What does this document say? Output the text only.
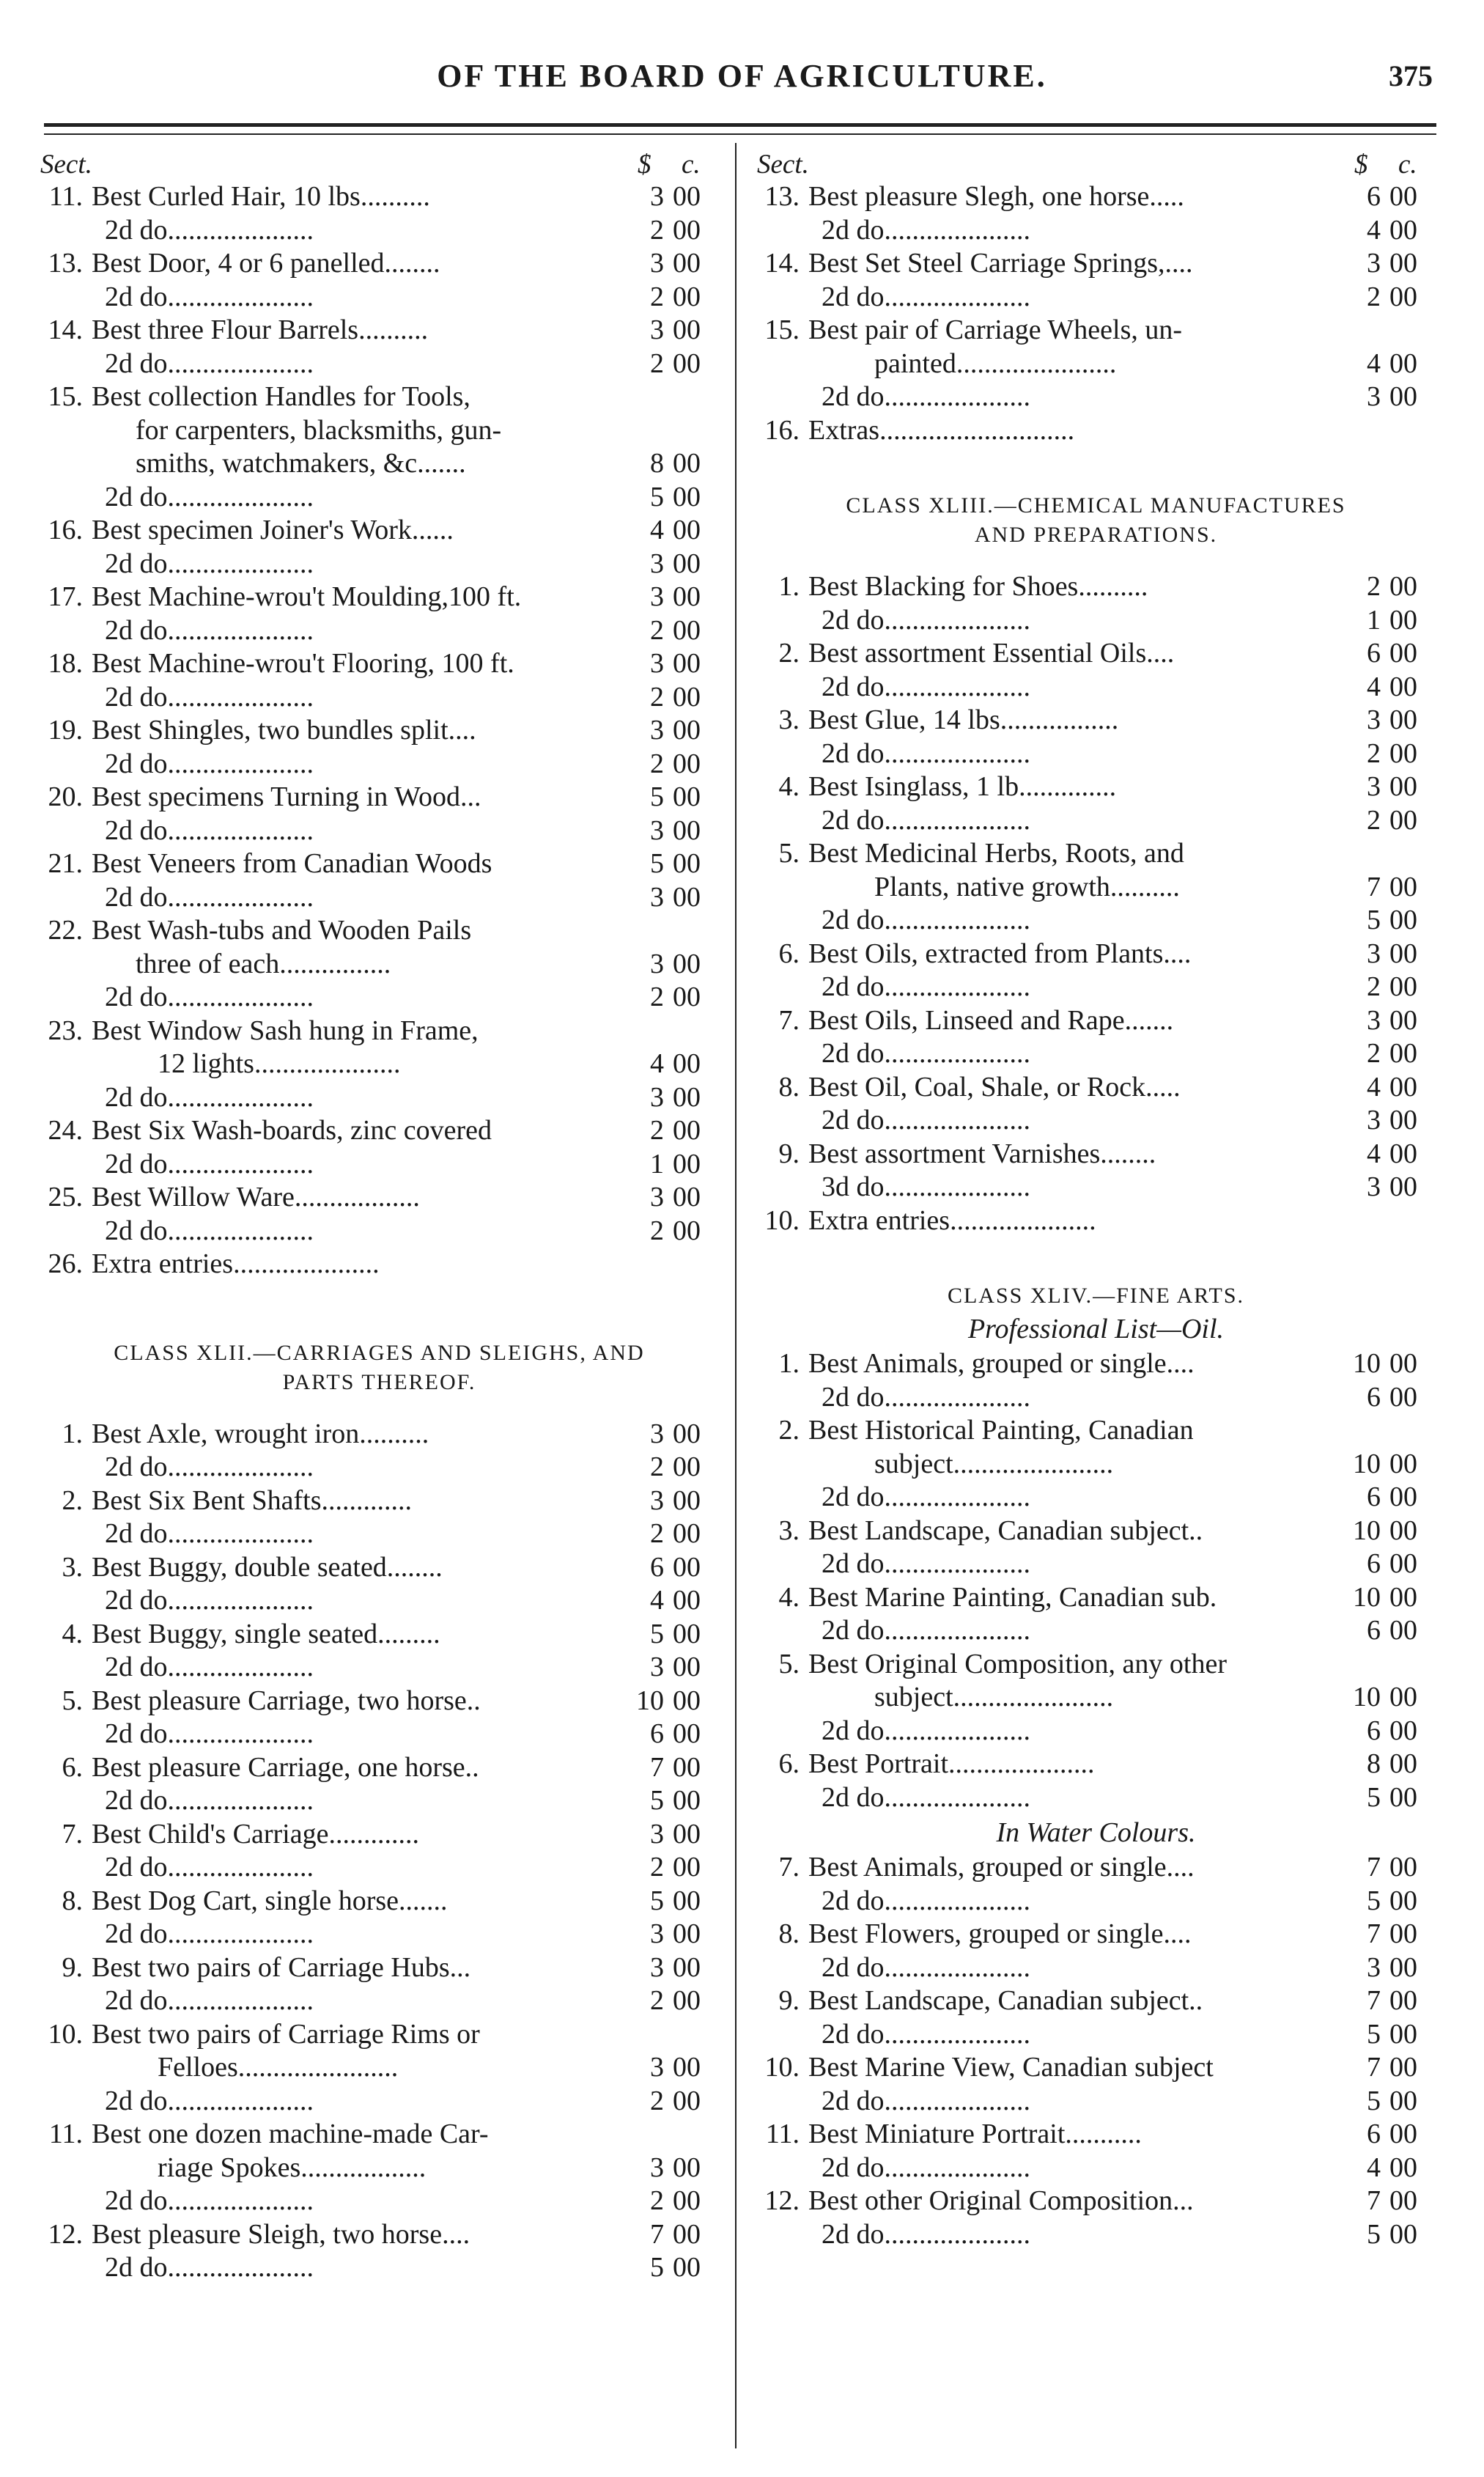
OF THE BOARD OF AGRICULTURE.	375
Sect.	$	c.
11. Best Curled Hair, 10 lbs..........	3 00
2d do.....................	2 00
13. Best Door, 4 or 6 panelled........	3 00
2d do.....................	2 00
14. Best three Flour Barrels..........	3 00
2d do.....................	2 00
15. Best collection Handles for Tools,
for carpenters, blacksmiths, gun-
smiths, watchmakers, &c.......	8 00
2d do.....................	5 00
16. Best specimen Joiner's Work......	4 00
2d do.....................	3 00
17. Best Machine-wrou't Moulding,100 ft.	3 00
2d do.....................	2 00
18. Best Machine-wrou't Flooring, 100 ft.	3 00
2d do.....................	2 00
19. Best Shingles, two bundles split....	3 00
2d do.....................	2 00
20. Best specimens Turning in Wood...	5 00
2d do.....................	3 00
21. Best Veneers from Canadian Woods	5 00
2d do.....................	3 00
22. Best Wash-tubs and Wooden Pails
three of each................	3 00
2d do.....................	2 00
23. Best Window Sash hung in Frame,
12 lights.....................	4 00
2d do.....................	3 00
24. Best Six Wash-boards, zinc covered	2 00
2d do.....................	1 00
25. Best Willow Ware..................	3 00
2d do.....................	2 00
26. Extra entries.....................
CLASS XLII.—CARRIAGES AND SLEIGHS, AND
PARTS THEREOF.
1. Best Axle, wrought iron..........	3 00
2d do.....................	2 00
2. Best Six Bent Shafts.............	3 00
2d do.....................	2 00
3. Best Buggy, double seated........	6 00
2d do.....................	4 00
4. Best Buggy, single seated.........	5 00
2d do.....................	3 00
5. Best pleasure Carriage, two horse..	10 00
2d do.....................	6 00
6. Best pleasure Carriage, one horse..	7 00
2d do.....................	5 00
7. Best Child's Carriage.............	3 00
2d do.....................	2 00
8. Best Dog Cart, single horse.......	5 00
2d do.....................	3 00
9. Best two pairs of Carriage Hubs...	3 00
2d do.....................	2 00
10. Best two pairs of Carriage Rims or
Felloes.......................	3 00
2d do.....................	2 00
11. Best one dozen machine-made Car-
riage Spokes..................	3 00
2d do.....................	2 00
12. Best pleasure Sleigh, two horse....	7 00
2d do.....................	5 00
Sect.	$	c.
13. Best pleasure Slegh, one horse.....	6 00
2d do.....................	4 00
14. Best Set Steel Carriage Springs,....	3 00
2d do.....................	2 00
15. Best pair of Carriage Wheels, un-
painted.......................	4 00
2d do.....................	3 00
16. Extras............................
CLASS XLIII.—CHEMICAL MANUFACTURES
AND PREPARATIONS.
1. Best Blacking for Shoes..........	2 00
2d do.....................	1 00
2. Best assortment Essential Oils....	6 00
2d do.....................	4 00
3. Best Glue, 14 lbs.................	3 00
2d do.....................	2 00
4. Best Isinglass, 1 lb..............	3 00
2d do.....................	2 00
5. Best Medicinal Herbs, Roots, and
Plants, native growth..........	7 00
2d do.....................	5 00
6. Best Oils, extracted from Plants....	3 00
2d do.....................	2 00
7. Best Oils, Linseed and Rape.......	3 00
2d do.....................	2 00
8. Best Oil, Coal, Shale, or Rock.....	4 00
2d do.....................	3 00
9. Best assortment Varnishes........	4 00
3d do.....................	3 00
10. Extra entries.....................
CLASS XLIV.—FINE ARTS.
Professional List—Oil.
1. Best Animals, grouped or single....	10 00
2d do.....................	6 00
2. Best Historical Painting, Canadian
subject.......................	10 00
2d do.....................	6 00
3. Best Landscape, Canadian subject..	10 00
2d do.....................	6 00
4. Best Marine Painting, Canadian sub.	10 00
2d do.....................	6 00
5. Best Original Composition, any other
subject.......................	10 00
2d do.....................	6 00
6. Best Portrait.....................	8 00
2d do.....................	5 00
In Water Colours.
7. Best Animals, grouped or single....	7 00
2d do.....................	5 00
8. Best Flowers, grouped or single....	7 00
2d do.....................	3 00
9. Best Landscape, Canadian subject..	7 00
2d do.....................	5 00
10. Best Marine View, Canadian subject	7 00
2d do.....................	5 00
11. Best Miniature Portrait...........	6 00
2d do.....................	4 00
12. Best other Original Composition...	7 00
2d do.....................	5 00
